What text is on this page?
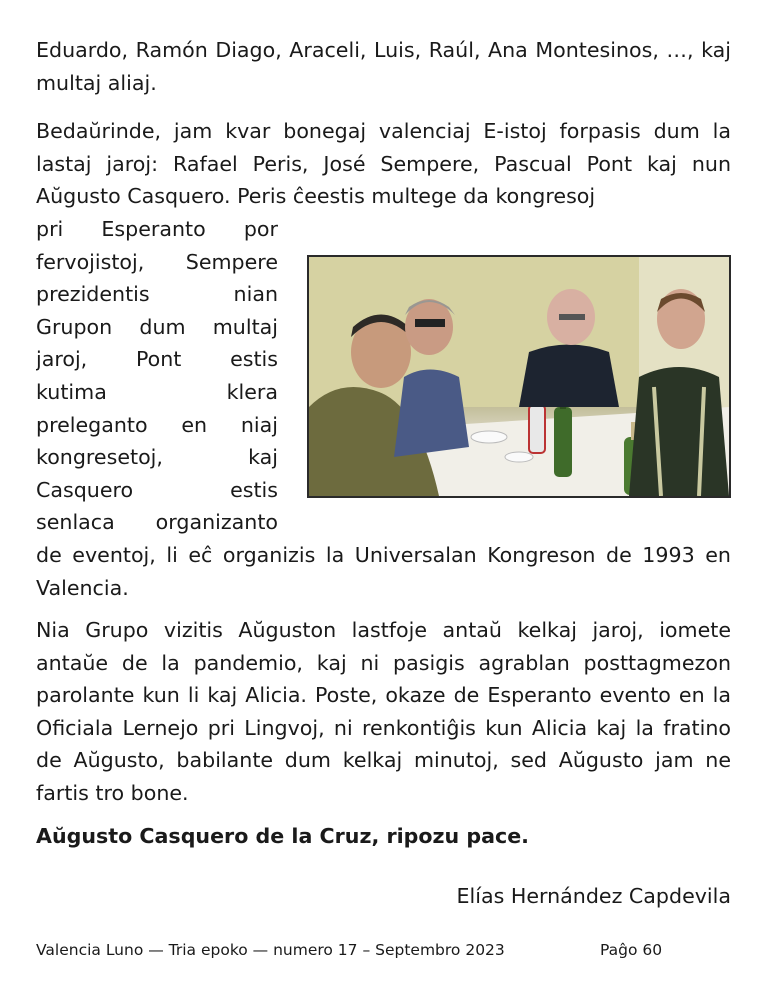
Eduardo, Ramón Diago, Araceli, Luis, Raúl, Ana Montesinos, …, kaj multaj aliaj.

Bedaŭrinde, jam kvar bonegaj valenciaj E-istoj forpasis dum la lastaj jaroj: Rafael Peris, José Sempere, Pascual Pont kaj nun Aŭgusto Casquero. Peris ĉeestis multege da kongresoj

pri Esperanto por
fervojistoj, Sempere
prezidentis nian
Grupon dum multaj
jaroj, Pont estis
kutima klera
preleganto en niaj
kongresetoj, kaj
Casquero estis
senlaca organizanto

de eventoj, li eĉ organizis la Universalan Kongreson de 1993 en Valencia.

Nia Grupo vizitis Aŭguston lastfoje antaŭ kelkaj jaroj, iomete antaŭe de la pandemio, kaj ni pasigis agrablan posttagmezon parolante kun li kaj Alicia. Poste, okaze de Esperanto evento en la Oficiala Lernejo pri Lingvoj, ni renkontiĝis kun Alicia kaj la fratino de Aŭgusto, babilante dum kelkaj minutoj, sed Aŭgusto jam ne fartis tro bone.

Aŭgusto Casquero de la Cruz, ripozu pace.

Elías Hernández Capdevila

Valencia Luno — Tria epoko — numero 17 – Septembro 2023	Paĝo 60
